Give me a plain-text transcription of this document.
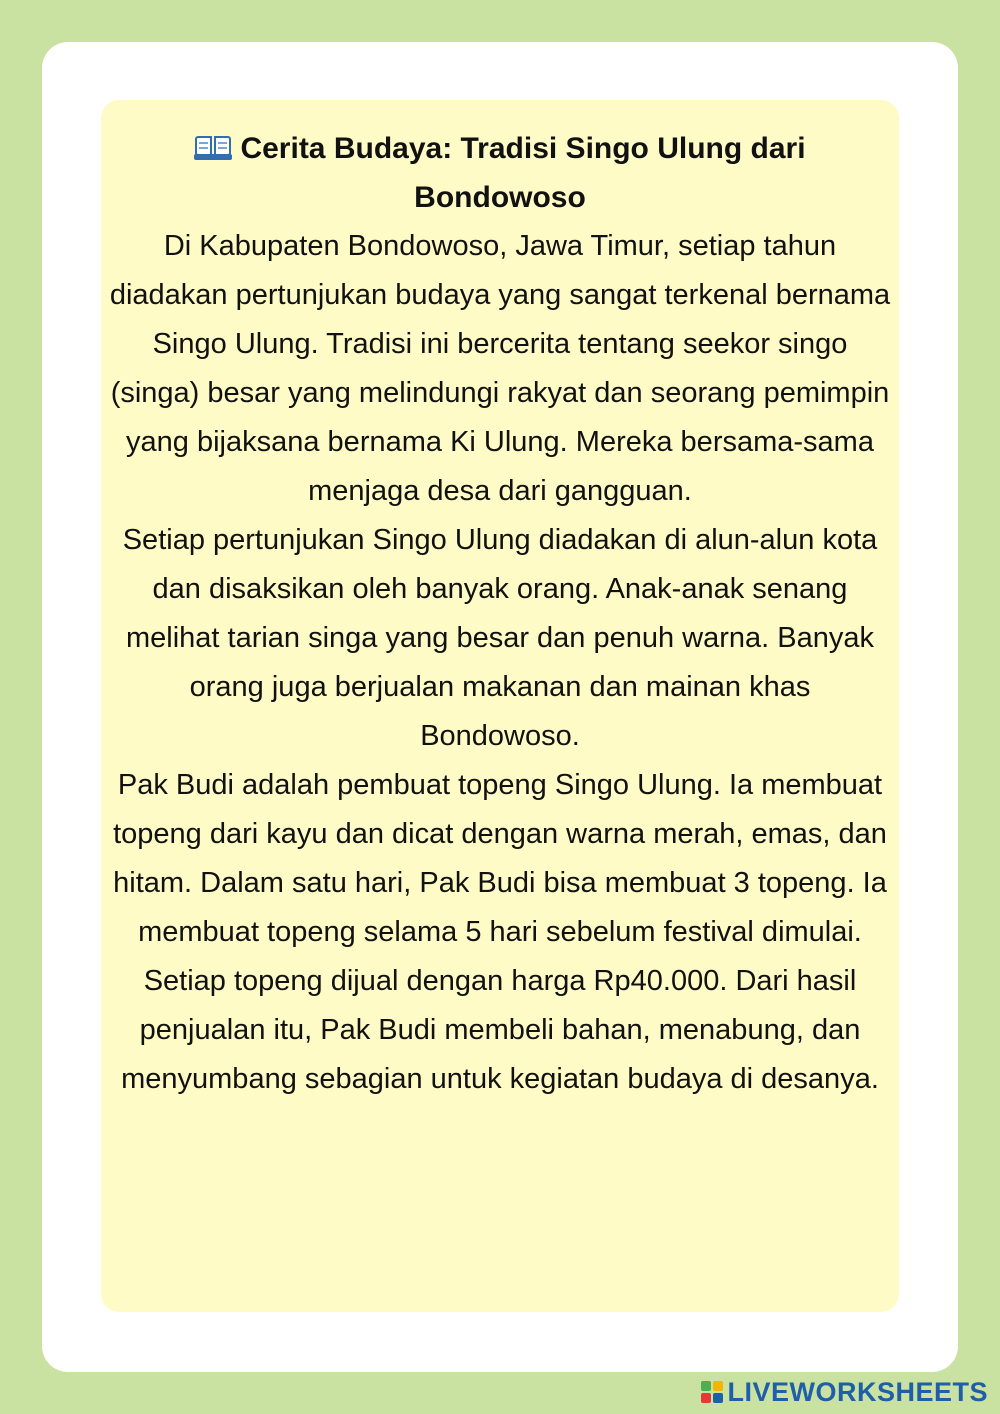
Cerita Budaya: Tradisi Singo Ulung dari Bondowoso

Di Kabupaten Bondowoso, Jawa Timur, setiap tahun diadakan pertunjukan budaya yang sangat terkenal bernama Singo Ulung. Tradisi ini bercerita tentang seekor singo (singa) besar yang melindungi rakyat dan seorang pemimpin yang bijaksana bernama Ki Ulung. Mereka bersama-sama menjaga desa dari gangguan.

Setiap pertunjukan Singo Ulung diadakan di alun-alun kota dan disaksikan oleh banyak orang. Anak-anak senang melihat tarian singa yang besar dan penuh warna. Banyak orang juga berjualan makanan dan mainan khas Bondowoso.

Pak Budi adalah pembuat topeng Singo Ulung. Ia membuat topeng dari kayu dan dicat dengan warna merah, emas, dan hitam. Dalam satu hari, Pak Budi bisa membuat 3 topeng. Ia membuat topeng selama 5 hari sebelum festival dimulai. Setiap topeng dijual dengan harga Rp40.000. Dari hasil penjualan itu, Pak Budi membeli bahan, menabung, dan menyumbang sebagian untuk kegiatan budaya di desanya.

LIVEWORKSHEETS
